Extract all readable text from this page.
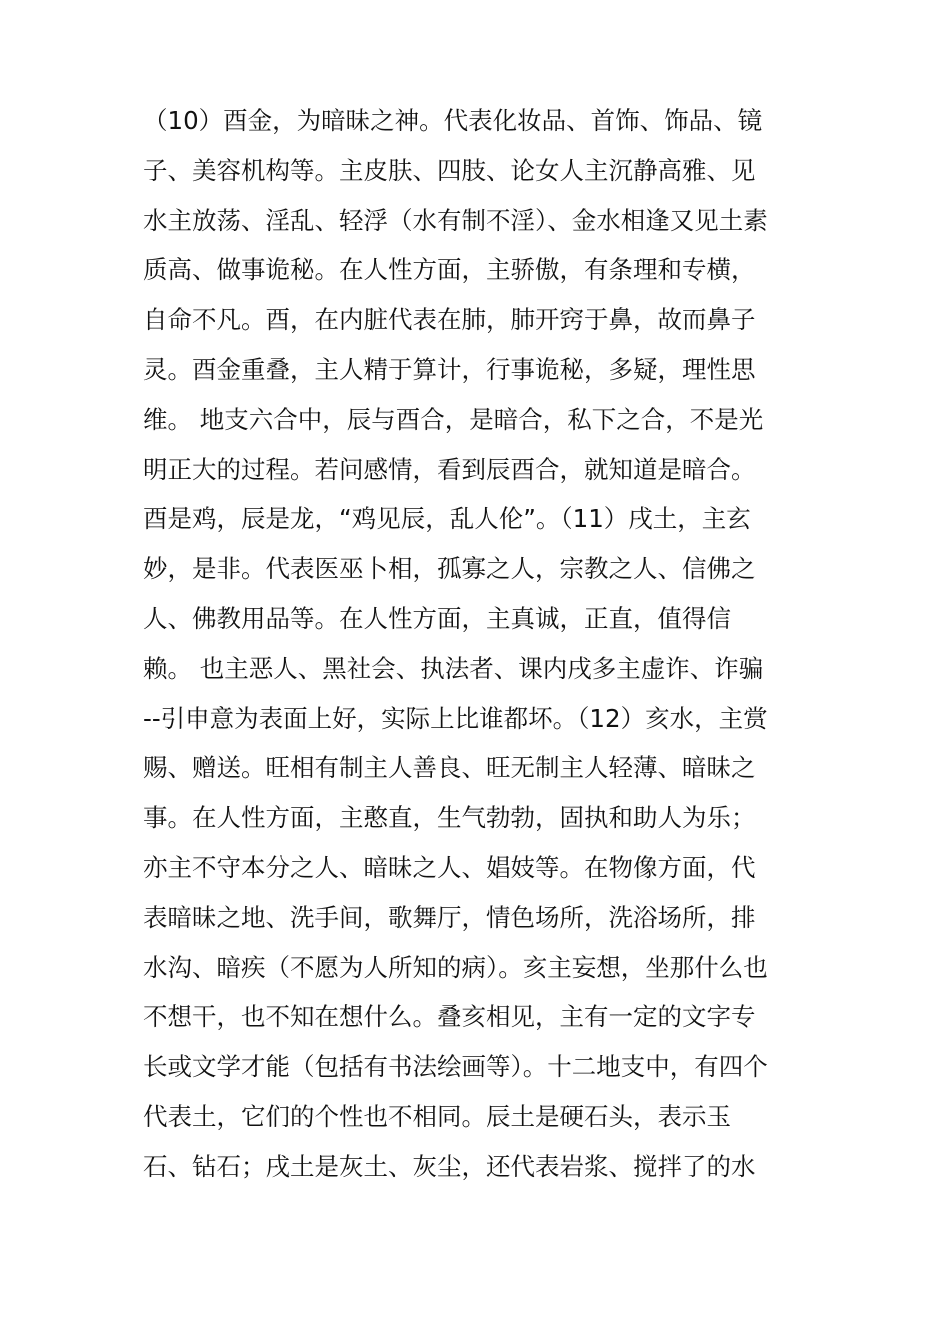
（10）酉金，为暗昧之神。代表化妆品、首饰、饰品、镜
子、美容机构等。主皮肤、四肢、论女人主沉静高雅、见
水主放荡、淫乱、轻浮（水有制不淫）、金水相逢又见土素
质高、做事诡秘。在人性方面，主骄傲，有条理和专横，
自命不凡。酉，在内脏代表在肺，肺开窍于鼻，故而鼻子
灵。酉金重叠，主人精于算计，行事诡秘，多疑，理性思
维。 地支六合中，辰与酉合，是暗合，私下之合，不是光
明正大的过程。若问感情，看到辰酉合，就知道是暗合。
酉是鸡，辰是龙，“鸡见辰，乱人伦”。（11）戌土，主玄
妙，是非。代表医巫卜相，孤寡之人，宗教之人、信佛之
人、佛教用品等。在人性方面，主真诚，正直，值得信
赖。 也主恶人、黑社会、执法者、课内戌多主虚诈、诈骗
--引申意为表面上好，实际上比谁都坏。（12）亥水，主赏
赐、赠送。旺相有制主人善良、旺无制主人轻薄、暗昧之
事。在人性方面，主憨直，生气勃勃，固执和助人为乐；
亦主不守本分之人、暗昧之人、娼妓等。在物像方面，代
表暗昧之地、洗手间，歌舞厅，情色场所，洗浴场所，排
水沟、暗疾（不愿为人所知的病）。亥主妄想，坐那什么也
不想干，也不知在想什么。叠亥相见，主有一定的文字专
长或文学才能（包括有书法绘画等）。十二地支中，有四个
代表土，它们的个性也不相同。辰土是硬石头，表示玉
石、钻石；戌土是灰土、灰尘，还代表岩浆、搅拌了的水
